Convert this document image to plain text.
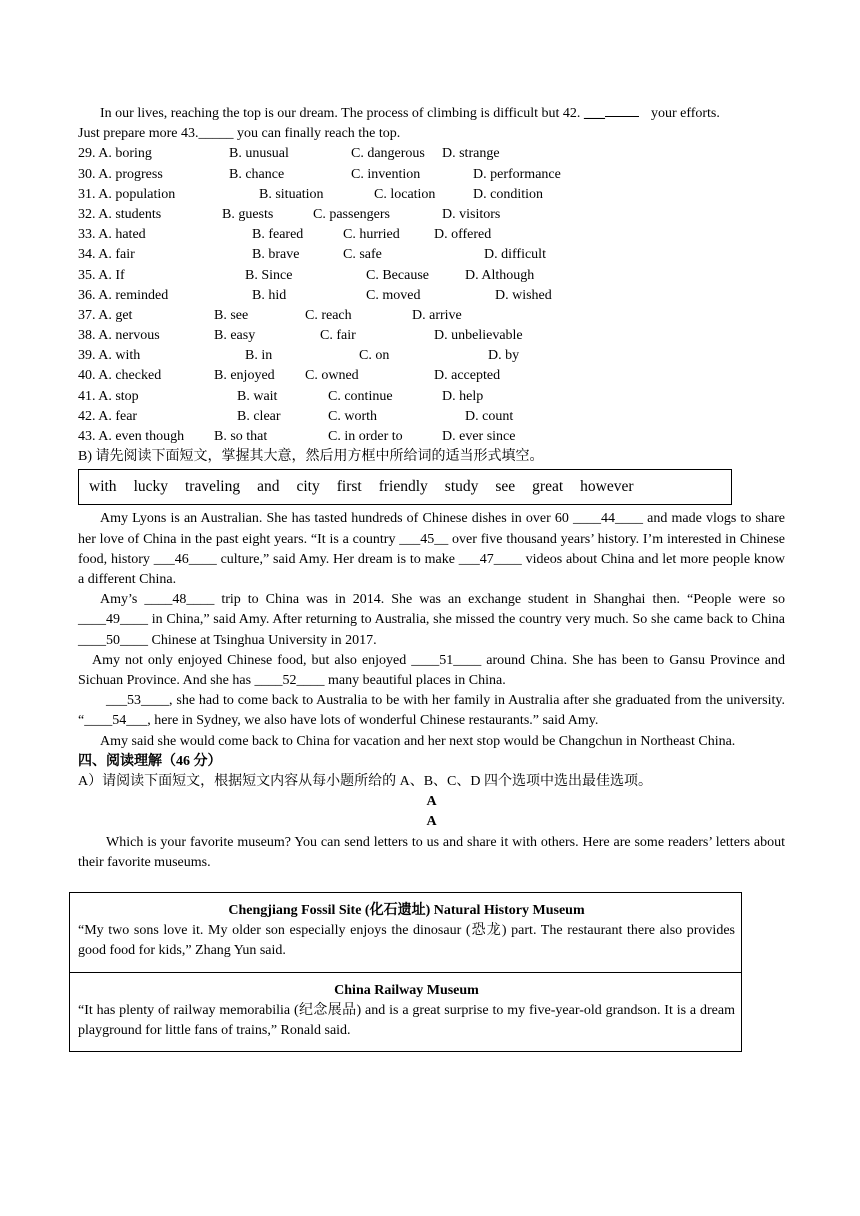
In our lives, reaching the top is our dream. The process of climbing is difficult but 42. ___	your efforts.

Just prepare more 43._____ you can finally reach the top.

29. A. boring	B. unusual	C. dangerous D. strange
30. A. progress	B. chance	C. invention	D. performance
31. A. population	B. situation	C. location	D. condition
32. A. students	B. guests	C. passengers	D. visitors
33. A. hated	B. feared	C. hurried D. offered
34. A. fair	B. brave	C. safe	D. difficult
35. A. If	B. Since	C. Because	D. Although
36. A. reminded	B. hid	C. moved	D. wished
37. A. get	B. see	C. reach	D. arrive
38. A. nervous	B. easy	C. fair	D. unbelievable
39. A. with	B. in	C. on	D. by
40. A. checked	B. enjoyed C. owned	D. accepted
41. A. stop	B. wait	C. continue	D. help
42. A. fear	B. clear	C. worth	D. count
43. A. even though B. so that	C. in order to	D. ever since
B) 请先阅读下面短文，掌握其大意，然后用方框中所给词的适当形式填空。
with lucky traveling and city first friendly study see great however

Amy Lyons is an Australian. She has tasted hundreds of Chinese dishes in over 60 ____44____ and made vlogs to share her love of China in the past eight years. “It is a country ___45__ over five thousand years’ history. I’m interested in Chinese food, history ___46____ culture,” said Amy. Her dream is to make ___47____ videos about China and let more people know a different China.

Amy’s ____48____ trip to China was in 2014. She was an exchange student in Shanghai then. “People were so ____49____ in China,” said Amy. After returning to Australia, she missed the country very much. So she came back to China ____50____ Chinese at Tsinghua University in 2017.

Amy not only enjoyed Chinese food, but also enjoyed ____51____ around China. She has been to Gansu Province and Sichuan Province. And she has ____52____ many beautiful places in China.

___53____, she had to come back to Australia to be with her family in Australia after she graduated from the university. “____54___, here in Sydney, we also have lots of wonderful Chinese restaurants.” said Amy.

Amy said she would come back to China for vacation and her next stop would be Changchun in Northeast China.

四、阅读理解（46 分）
A）请阅读下面短文，根据短文内容从每小题所给的 A、B、C、D 四个选项中选出最佳选项。
A
A

Which is your favorite museum? You can send letters to us and share it with others. Here are some readers’ letters about their favorite museums.

Chengjiang Fossil Site (化石遗址) Natural History Museum
“My two sons love it. My older son especially enjoys the dinosaur (恐龙) part. The restaurant there also provides good food for kids,” Zhang Yun said.
China Railway Museum
“It has plenty of railway memorabilia (纪念展品) and is a great surprise to my five-year-old grandson. It is a dream playground for little fans of trains,” Ronald said.
